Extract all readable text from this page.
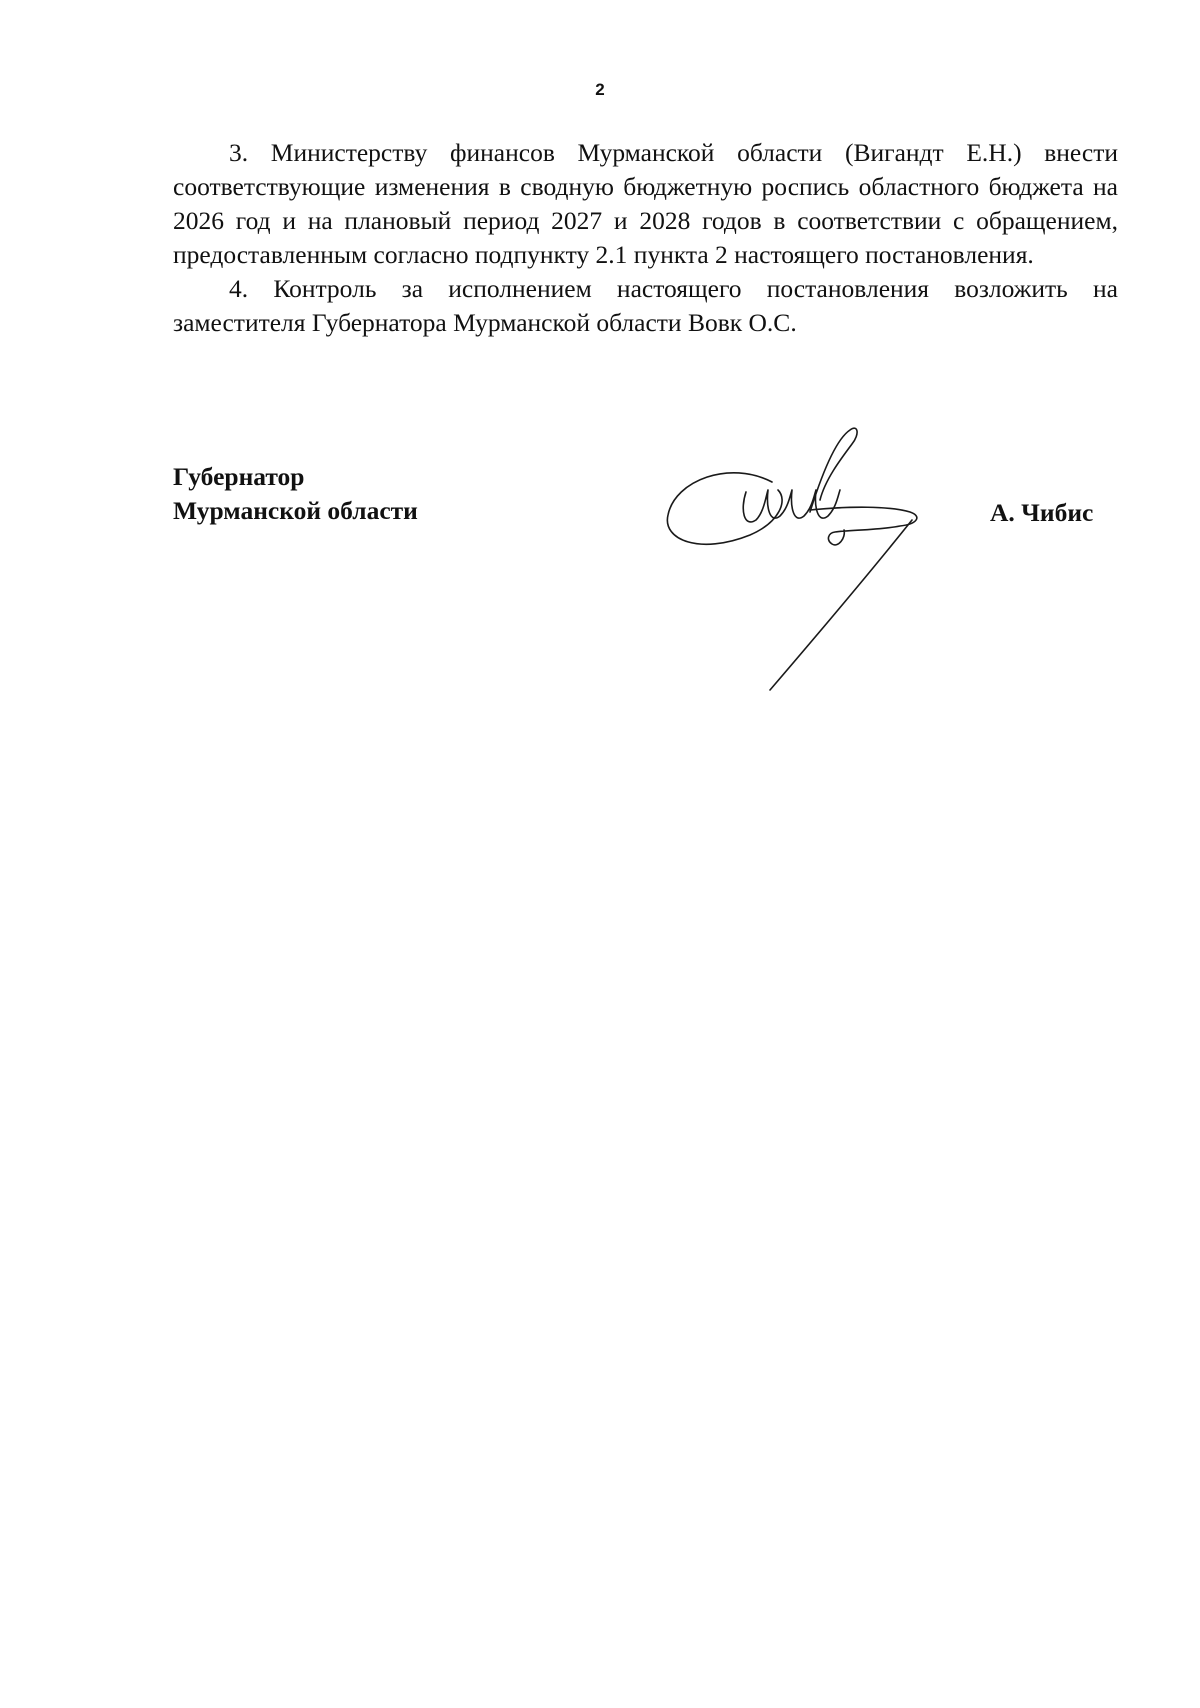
2

3. Министерству финансов Мурманской области (Вигандт Е.Н.) внести соответствующие изменения в сводную бюджетную роспись областного бюджета на 2026 год и на плановый период 2027 и 2028 годов в соответствии с обращением, предоставленным согласно подпункту 2.1 пункта 2 настоящего постановления.

4. Контроль за исполнением настоящего постановления возложить на заместителя Губернатора Мурманской области Вовк О.С.

Губернатор
Мурманской области	А. Чибис
